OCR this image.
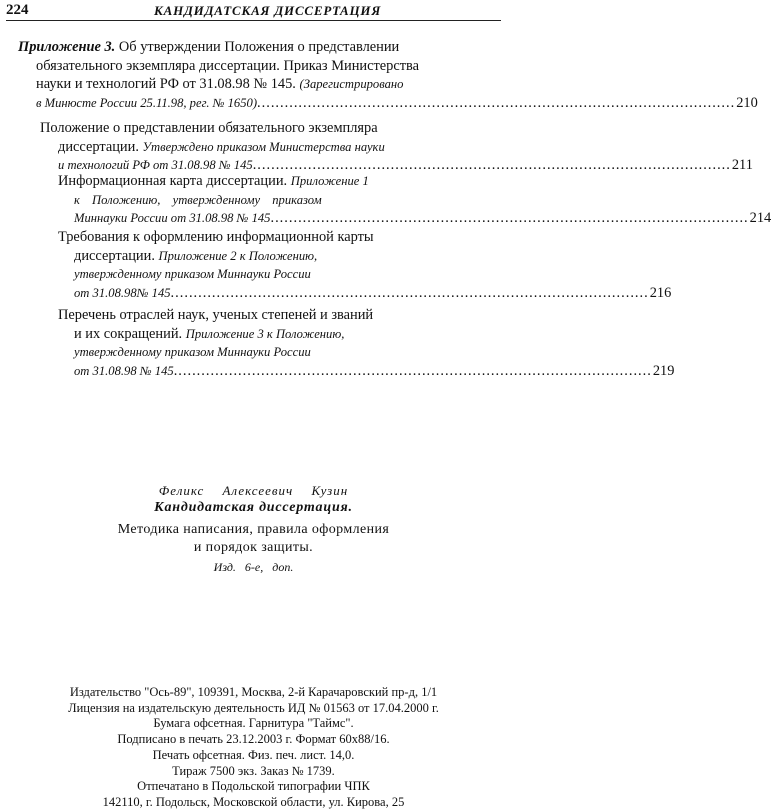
224	КАНДИДАТСКАЯ ДИССЕРТАЦИЯ
Приложение 3. Об утверждении Положения о представлении
обязательного экземпляра диссертации. Приказ Министерства
науки и технологий РФ от 31.08.98 № 145. (Зарегистрировано
в Минюсте России 25.11.98, рег. № 1650) ........................................................................................................ 210
Положение о представлении обязательного экземпляра
диссертации. Утверждено приказом Министерства науки
и технологий РФ от 31.08.98 № 145 ........................................................................................................ 211
Информационная карта диссертации. Приложение 1
к Положению, утвержденному приказом
Миннауки России от 31.08.98 № 145 ........................................................................................................ 214
Требования к оформлению информационной карты
диссертации. Приложение 2 к Положению,
утвержденному приказом Миннауки России
от 31.08.98№ 145 ........................................................................................................ 216
Перечень отраслей наук, ученых степеней и званий
и их сокращений. Приложение 3 к Положению,
утвержденному приказом Миннауки России
от 31.08.98 № 145 ........................................................................................................ 219
Феликс Алексеевич Кузин
Кандидатская диссертация.
Методика написания, правила оформления
и порядок защиты.
Изд. 6-е, доп.
Издательство "Ось-89", 109391, Москва, 2-й Карачаровский пр-д, 1/1
Лицензия на издательскую деятельность ИД № 01563 от 17.04.2000 г.
Бумага офсетная. Гарнитура "Таймс".
Подписано в печать 23.12.2003 г. Формат 60x88/16.
Печать офсетная. Физ. печ. лист. 14,0.
Тираж 7500 экз. Заказ № 1739.
Отпечатано в Подольской типографии ЧПК
142110, г. Подольск, Московской области, ул. Кирова, 25
